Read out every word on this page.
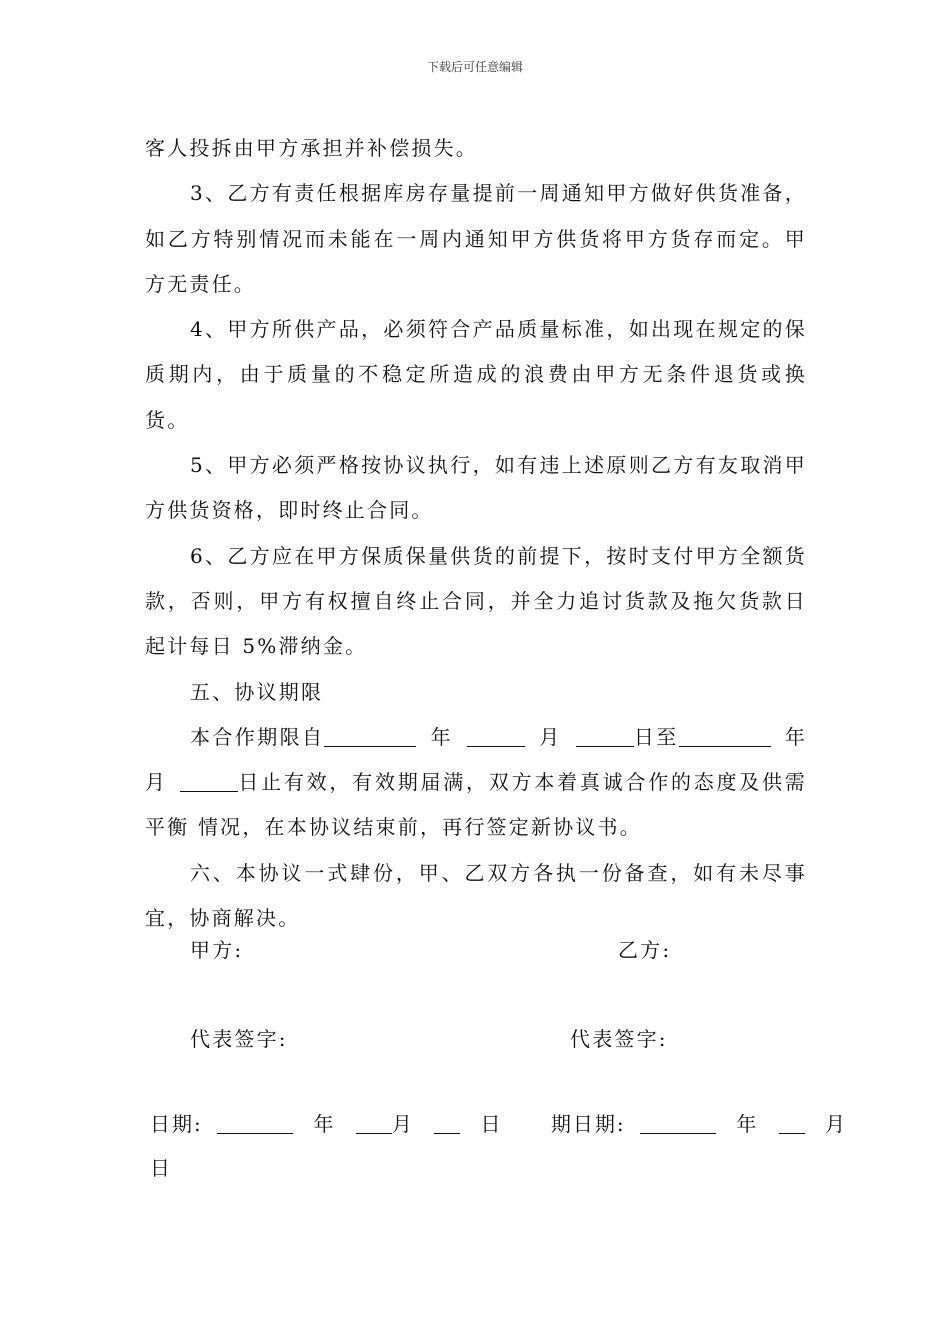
下载后可任意编辑

客人投拆由甲方承担并补偿损失。

3、乙方有责任根据库房存量提前一周通知甲方做好供货准备，如乙方特别情况而未能在一周内通知甲方供货将甲方货存而定。甲方无责任。

4、甲方所供产品，必须符合产品质量标准，如出现在规定的保质期内，由于质量的不稳定所造成的浪费由甲方无条件退货或换货。

5、甲方必须严格按协议执行，如有违上述原则乙方有友取消甲方供货资格，即时终止合同。

6、乙方应在甲方保质保量供货的前提下，按时支付甲方全额货款，否则，甲方有权擅自终止合同，并全力追讨货款及拖欠货款日起计每日 5%滞纳金。

五、协议期限

本合作期限自	年	月	日至	年月	日止有效，有效期届满，双方本着真诚合作的态度及供需平衡 情况，在本协议结束前，再行签定新协议书。

六、本协议一式肆份，甲、乙双方各执一份备查，如有未尽事宜，协商解决。

甲方:	乙方:
代表签字:	代表签字:
日期:	年	月	日 期日期:	年	月
日
